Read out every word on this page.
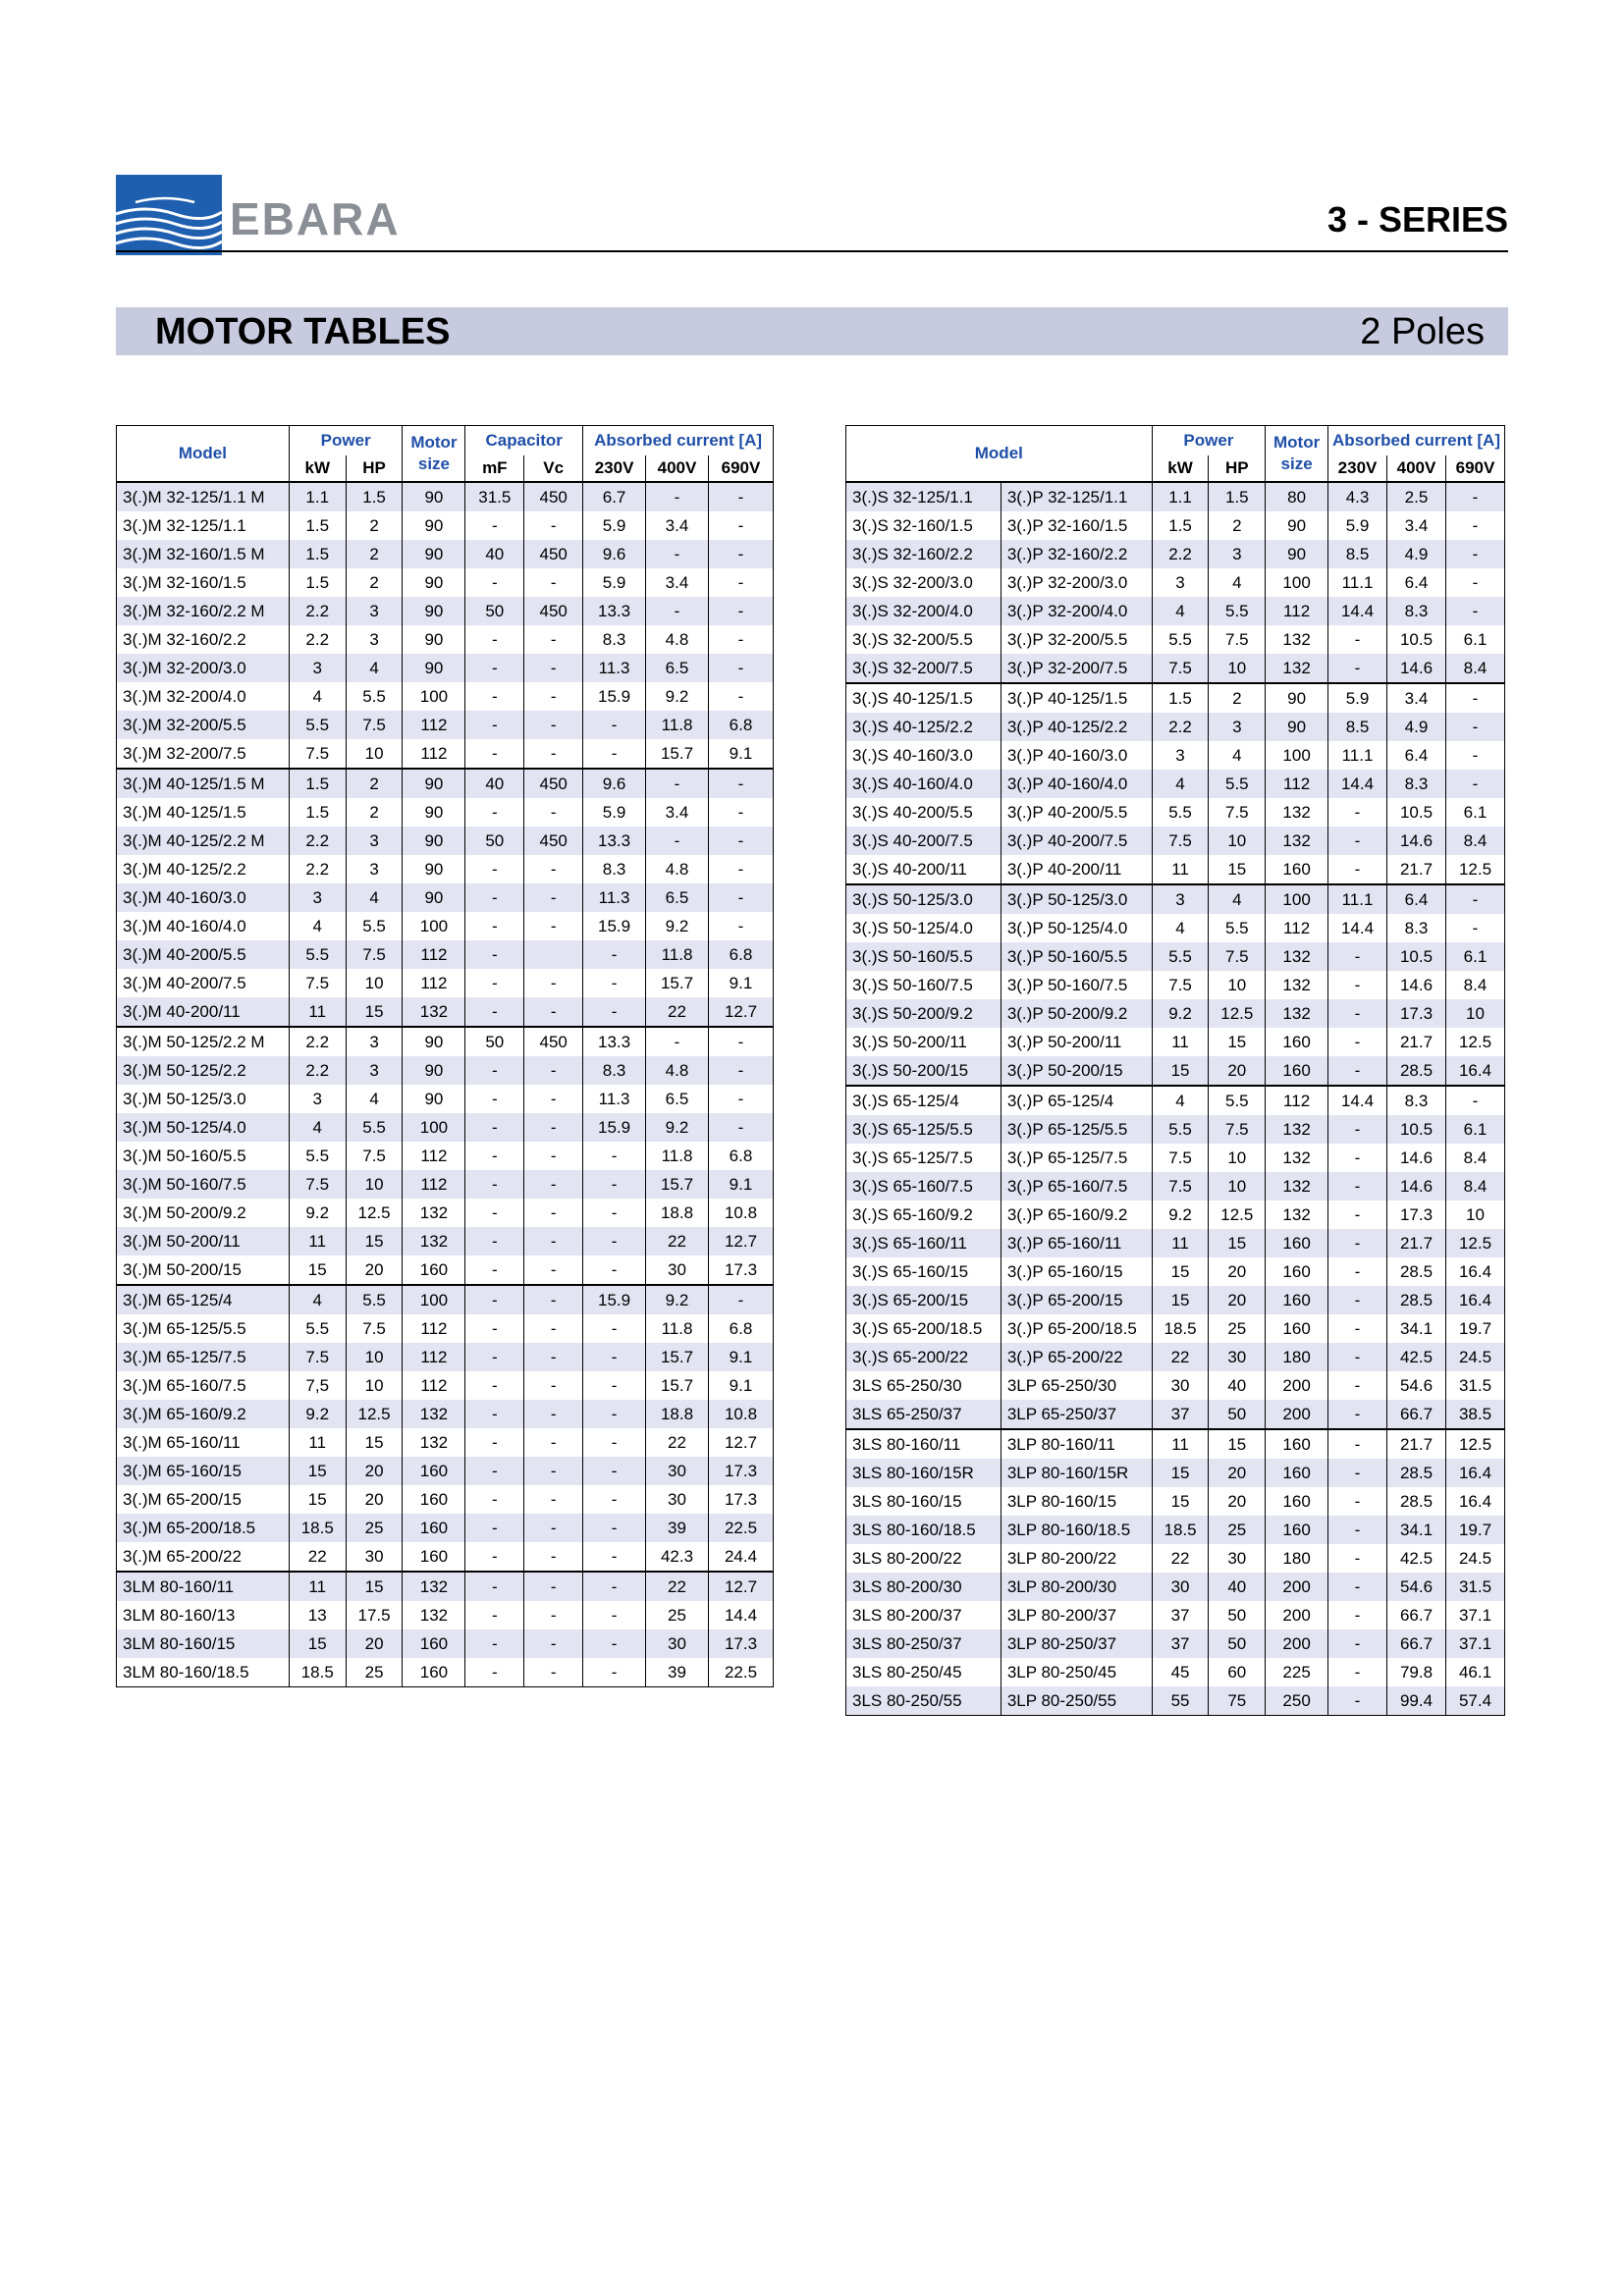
EBARA	3 - SERIES
MOTOR TABLES	2 Poles
Model	Power		Motor
size	Capacitor		Absorbed current [A]		
	kW	HP		mF	Vc	230V	400V	690V
3(.)M 32-125/1.1 M	1.1	1.5	90	31.5	450	6.7	-	-
3(.)M 32-125/1.1	1.5	2	90	-	-	5.9	3.4	-
3(.)M 32-160/1.5 M	1.5	2	90	40	450	9.6	-	-
3(.)M 32-160/1.5	1.5	2	90	-	-	5.9	3.4	-
3(.)M 32-160/2.2 M	2.2	3	90	50	450	13.3	-	-
3(.)M 32-160/2.2	2.2	3	90	-	-	8.3	4.8	-
3(.)M 32-200/3.0	3	4	90	-	-	11.3	6.5	-
3(.)M 32-200/4.0	4	5.5	100	-	-	15.9	9.2	-
3(.)M 32-200/5.5	5.5	7.5	112	-	-	-	11.8	6.8
3(.)M 32-200/7.5	7.5	10	112	-	-	-	15.7	9.1
3(.)M 40-125/1.5 M	1.5	2	90	40	450	9.6	-	-
3(.)M 40-125/1.5	1.5	2	90	-	-	5.9	3.4	-
3(.)M 40-125/2.2 M	2.2	3	90	50	450	13.3	-	-
3(.)M 40-125/2.2	2.2	3	90	-	-	8.3	4.8	-
3(.)M 40-160/3.0	3	4	90	-	-	11.3	6.5	-
3(.)M 40-160/4.0	4	5.5	100	-	-	15.9	9.2	-
3(.)M 40-200/5.5	5.5	7.5	112	-		-	11.8	6.8
3(.)M 40-200/7.5	7.5	10	112	-	-	-	15.7	9.1
3(.)M 40-200/11	11	15	132	-	-	-	22	12.7
3(.)M 50-125/2.2 M	2.2	3	90	50	450	13.3	-	-
3(.)M 50-125/2.2	2.2	3	90	-	-	8.3	4.8	-
3(.)M 50-125/3.0	3	4	90	-	-	11.3	6.5	-
3(.)M 50-125/4.0	4	5.5	100	-	-	15.9	9.2	-
3(.)M 50-160/5.5	5.5	7.5	112	-	-	-	11.8	6.8
3(.)M 50-160/7.5	7.5	10	112	-	-	-	15.7	9.1
3(.)M 50-200/9.2	9.2	12.5	132	-	-	-	18.8	10.8
3(.)M 50-200/11	11	15	132	-	-	-	22	12.7
3(.)M 50-200/15	15	20	160	-	-	-	30	17.3
3(.)M 65-125/4	4	5.5	100	-	-	15.9	9.2	-
3(.)M 65-125/5.5	5.5	7.5	112	-	-	-	11.8	6.8
3(.)M 65-125/7.5	7.5	10	112	-	-	-	15.7	9.1
3(.)M 65-160/7.5	7,5	10	112	-	-	-	15.7	9.1
3(.)M 65-160/9.2	9.2	12.5	132	-	-	-	18.8	10.8
3(.)M 65-160/11	11	15	132	-	-	-	22	12.7
3(.)M 65-160/15	15	20	160	-	-	-	30	17.3
3(.)M 65-200/15	15	20	160	-	-	-	30	17.3
3(.)M 65-200/18.5	18.5	25	160	-	-	-	39	22.5
3(.)M 65-200/22	22	30	160	-	-	-	42.3	24.4
3LM 80-160/11	11	15	132	-	-	-	22	12.7
3LM 80-160/13	13	17.5	132	-	-	-	25	14.4
3LM 80-160/15	15	20	160	-	-	-	30	17.3
3LM 80-160/18.5	18.5	25	160	-	-	-	39	22.5
Model		Power		Motor
size	Absorbed current [A]		
		kW	HP		230V	400V	690V
3(.)S 32-125/1.1	3(.)P 32-125/1.1	1.1	1.5	80	4.3	2.5	-
3(.)S 32-160/1.5	3(.)P 32-160/1.5	1.5	2	90	5.9	3.4	-
3(.)S 32-160/2.2	3(.)P 32-160/2.2	2.2	3	90	8.5	4.9	-
3(.)S 32-200/3.0	3(.)P 32-200/3.0	3	4	100	11.1	6.4	-
3(.)S 32-200/4.0	3(.)P 32-200/4.0	4	5.5	112	14.4	8.3	-
3(.)S 32-200/5.5	3(.)P 32-200/5.5	5.5	7.5	132	-	10.5	6.1
3(.)S 32-200/7.5	3(.)P 32-200/7.5	7.5	10	132	-	14.6	8.4
3(.)S 40-125/1.5	3(.)P 40-125/1.5	1.5	2	90	5.9	3.4	-
3(.)S 40-125/2.2	3(.)P 40-125/2.2	2.2	3	90	8.5	4.9	-
3(.)S 40-160/3.0	3(.)P 40-160/3.0	3	4	100	11.1	6.4	-
3(.)S 40-160/4.0	3(.)P 40-160/4.0	4	5.5	112	14.4	8.3	-
3(.)S 40-200/5.5	3(.)P 40-200/5.5	5.5	7.5	132	-	10.5	6.1
3(.)S 40-200/7.5	3(.)P 40-200/7.5	7.5	10	132	-	14.6	8.4
3(.)S 40-200/11	3(.)P 40-200/11	11	15	160	-	21.7	12.5
3(.)S 50-125/3.0	3(.)P 50-125/3.0	3	4	100	11.1	6.4	-
3(.)S 50-125/4.0	3(.)P 50-125/4.0	4	5.5	112	14.4	8.3	-
3(.)S 50-160/5.5	3(.)P 50-160/5.5	5.5	7.5	132	-	10.5	6.1
3(.)S 50-160/7.5	3(.)P 50-160/7.5	7.5	10	132	-	14.6	8.4
3(.)S 50-200/9.2	3(.)P 50-200/9.2	9.2	12.5	132	-	17.3	10
3(.)S 50-200/11	3(.)P 50-200/11	11	15	160	-	21.7	12.5
3(.)S 50-200/15	3(.)P 50-200/15	15	20	160	-	28.5	16.4
3(.)S 65-125/4	3(.)P 65-125/4	4	5.5	112	14.4	8.3	-
3(.)S 65-125/5.5	3(.)P 65-125/5.5	5.5	7.5	132	-	10.5	6.1
3(.)S 65-125/7.5	3(.)P 65-125/7.5	7.5	10	132	-	14.6	8.4
3(.)S 65-160/7.5	3(.)P 65-160/7.5	7.5	10	132	-	14.6	8.4
3(.)S 65-160/9.2	3(.)P 65-160/9.2	9.2	12.5	132	-	17.3	10
3(.)S 65-160/11	3(.)P 65-160/11	11	15	160	-	21.7	12.5
3(.)S 65-160/15	3(.)P 65-160/15	15	20	160	-	28.5	16.4
3(.)S 65-200/15	3(.)P 65-200/15	15	20	160	-	28.5	16.4
3(.)S 65-200/18.5	3(.)P 65-200/18.5	18.5	25	160	-	34.1	19.7
3(.)S 65-200/22	3(.)P 65-200/22	22	30	180	-	42.5	24.5
3LS 65-250/30	3LP 65-250/30	30	40	200	-	54.6	31.5
3LS 65-250/37	3LP 65-250/37	37	50	200	-	66.7	38.5
3LS 80-160/11	3LP 80-160/11	11	15	160	-	21.7	12.5
3LS 80-160/15R	3LP 80-160/15R	15	20	160	-	28.5	16.4
3LS 80-160/15	3LP 80-160/15	15	20	160	-	28.5	16.4
3LS 80-160/18.5	3LP 80-160/18.5	18.5	25	160	-	34.1	19.7
3LS 80-200/22	3LP 80-200/22	22	30	180	-	42.5	24.5
3LS 80-200/30	3LP 80-200/30	30	40	200	-	54.6	31.5
3LS 80-200/37	3LP 80-200/37	37	50	200	-	66.7	37.1
3LS 80-250/37	3LP 80-250/37	37	50	200	-	66.7	37.1
3LS 80-250/45	3LP 80-250/45	45	60	225	-	79.8	46.1
3LS 80-250/55	3LP 80-250/55	55	75	250	-	99.4	57.4
